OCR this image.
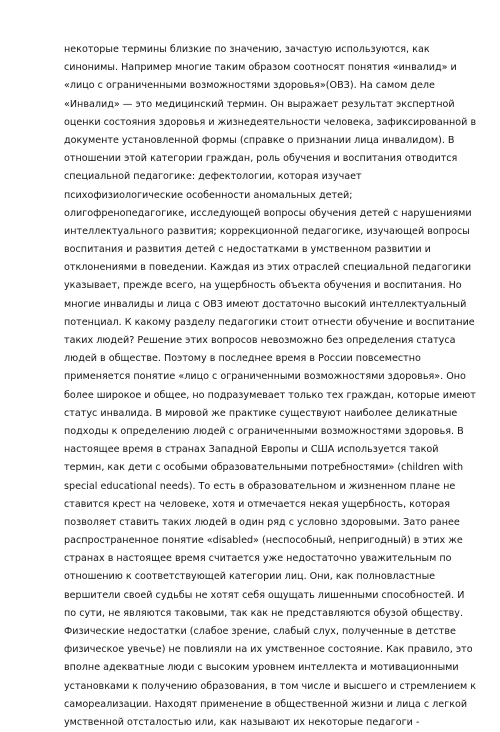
некоторые термины близкие по значению, зачастую используются, как
синонимы. Например многие таким образом соотносят понятия «инвалид» и
«лицо с ограниченными возможностями здоровья»(ОВЗ). На самом деле
«Инвалид» — это медицинский термин. Он выражает результат экспертной
оценки состояния здоровья и жизнедеятельности человека, зафиксированной в
документе установленной формы (справке о признании лица инвалидом). В
отношении этой категории граждан, роль обучения и воспитания отводится
специальной педагогике: дефектологии, которая изучает
психофизиологические особенности аномальных детей;
олигофренопедагогике, исследующей вопросы обучения детей с нарушениями
интеллектуального развития; коррекционной педагогике, изучающей вопросы
воспитания и развития детей с недостатками в умственном развитии и
отклонениями в поведении. Каждая из этих отраслей специальной педагогики
указывает, прежде всего, на ущербность объекта обучения и воспитания. Но
многие инвалиды и лица с ОВЗ имеют достаточно высокий интеллектуальный
потенциал. К какому разделу педагогики стоит отнести обучение и воспитание
таких людей? Решение этих вопросов невозможно без определения статуса
людей в обществе. Поэтому в последнее время в России повсеместно
применяется понятие «лицо с ограниченными возможностями здоровья». Оно
более широкое и общее, но подразумевает только тех граждан, которые имеют
статус инвалида. В мировой же практике существуют наиболее деликатные
подходы к определению людей с ограниченными возможностями здоровья. В
настоящее время в странах Западной Европы и США используется такой
термин, как дети с особыми образовательными потребностями» (children with
special educational needs). То есть в образовательном и жизненном плане не
ставится крест на человеке, хотя и отмечается некая ущербность, которая
позволяет ставить таких людей в один ряд с условно здоровыми. Зато ранее
распространенное понятие «disabled» (неспособный, непригодный) в этих же
странах в настоящее время считается уже недостаточно уважительным по
отношению к соответствующей категории лиц. Они, как полновластные
вершители своей судьбы не хотят себя ощущать лишенными способностей. И
по сути, не являются таковыми, так как не представляются обузой обществу.
Физические недостатки (слабое зрение, слабый слух, полученные в детстве
физическое увечье) не повлияли на их умственное состояние. Как правило, это
вполне адекватные люди с высоким уровнем интеллекта и мотивационными
установками к получению образования, в том числе и высшего и стремлением к
самореализации. Находят применение в общественной жизни и лица с легкой
умственной отсталостью или, как называют их некоторые педагоги -
